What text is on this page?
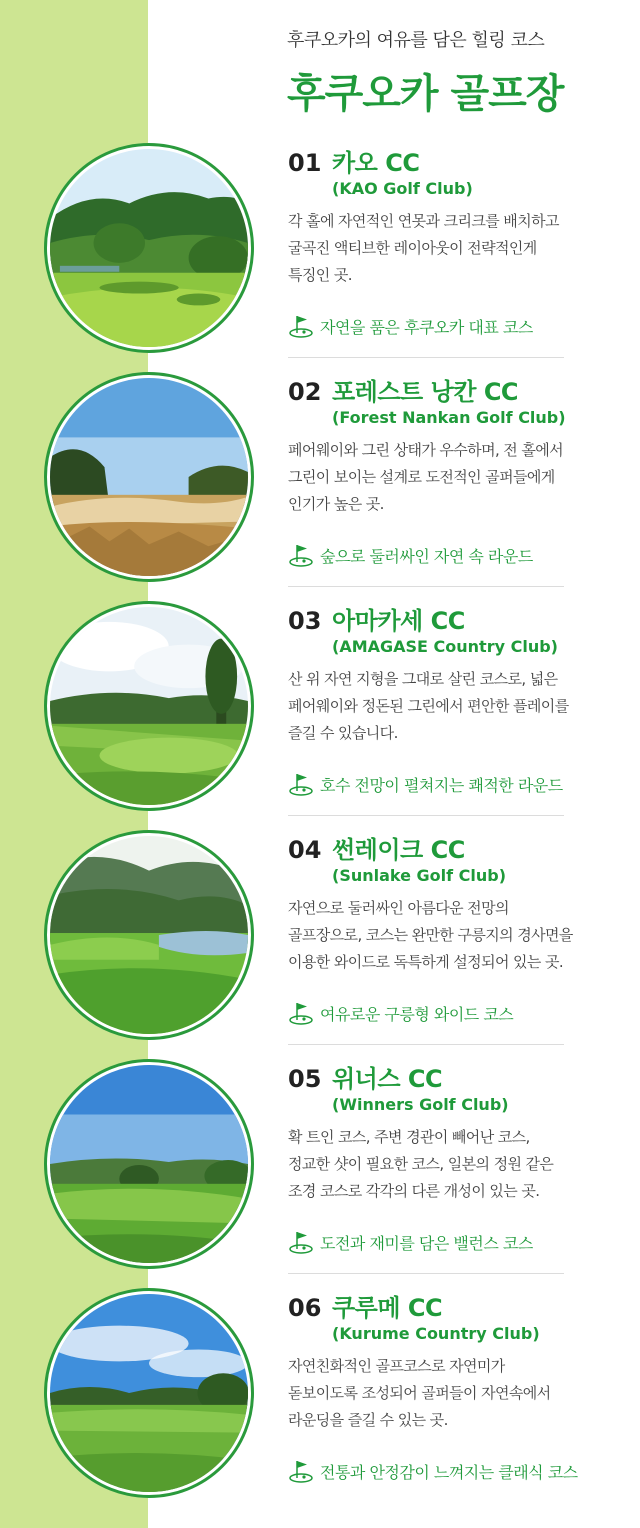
후쿠오카의 여유를 담은 힐링 코스
후쿠오카 골프장
01 카오 CC
(KAO Golf Club)
각 홀에 자연적인 연못과 크리크를 배치하고
굴곡진 액티브한 레이아웃이 전략적인게
특징인 곳.
자연을 품은 후쿠오카 대표 코스
02 포레스트 낭칸 CC
(Forest Nankan Golf Club)
페어웨이와 그린 상태가 우수하며, 전 홀에서
그린이 보이는 설계로 도전적인 골퍼들에게
인기가 높은 곳.
숲으로 둘러싸인 자연 속 라운드
03 아마카세 CC
(AMAGASE Country Club)
산 위 자연 지형을 그대로 살린 코스로, 넓은
페어웨이와 정돈된 그린에서 편안한 플레이를
즐길 수 있습니다.
호수 전망이 펼쳐지는 쾌적한 라운드
04 썬레이크 CC
(Sunlake Golf Club)
자연으로 둘러싸인 아름다운 전망의
골프장으로, 코스는 완만한 구릉지의 경사면을
이용한 와이드로 독특하게 설정되어 있는 곳.
여유로운 구릉형 와이드 코스
05 위너스 CC
(Winners Golf Club)
확 트인 코스, 주변 경관이 빼어난 코스,
정교한 샷이 필요한 코스, 일본의 정원 같은
조경 코스로 각각의 다른 개성이 있는 곳.
도전과 재미를 담은 밸런스 코스
06 쿠루메 CC
(Kurume Country Club)
자연친화적인 골프코스로 자연미가
돋보이도록 조성되어 골퍼들이 자연속에서
라운딩을 즐길 수 있는 곳.
전통과 안정감이 느껴지는 클래식 코스
